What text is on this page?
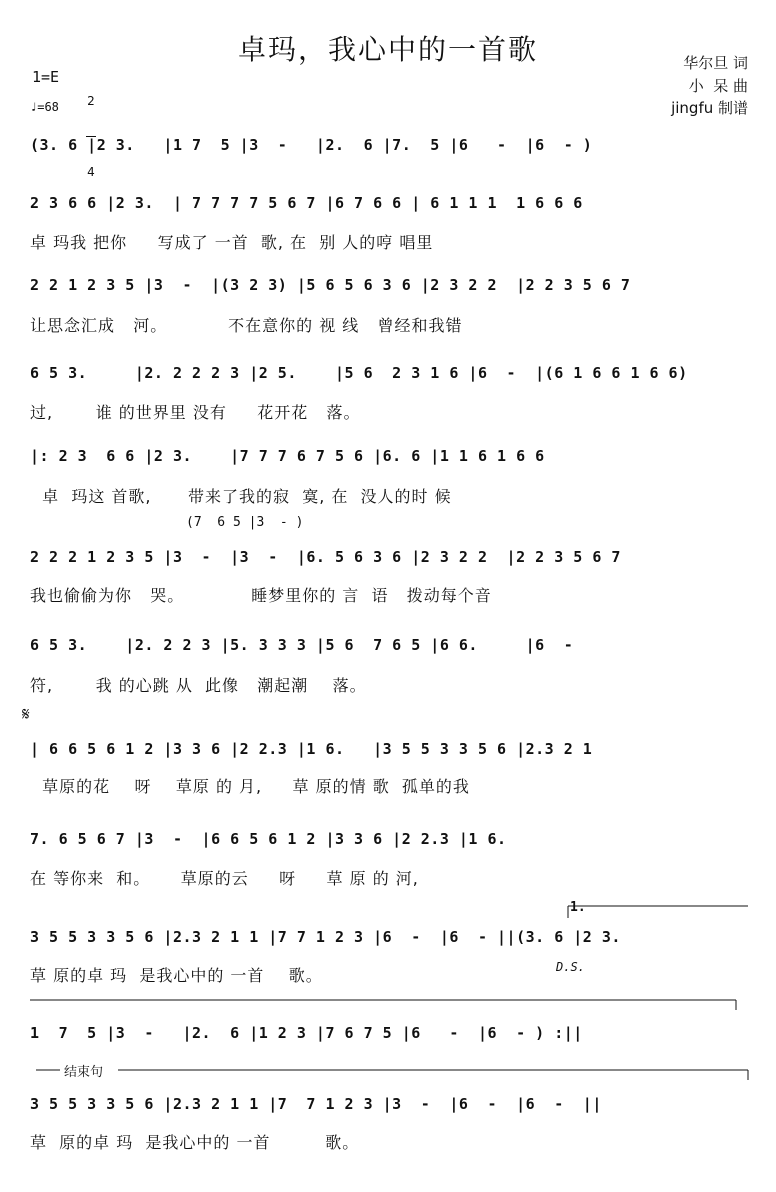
卓玛，我心中的一首歌	华尔旦 词
小  呆 曲
jingfu 制谱
1=E

2

4

♩=68
(3. 6 |2 3.   |1 7  5 |3  -   |2.  6 |7.  5 |6   -  |6  - )
2 3 6 6 |2 3.  | 7 7 7 7 5 6 7 |6 7 6 6 | 6 1 1 1  1 6 6 6
卓 玛我 把你     写成了 一首  歌, 在  别 人的哼 唱里
2 2 1 2 3 5 |3  -  |(3 2 3) |5 6 5 6 3 6 |2 3 2 2  |2 2 3 5 6 7
让思念汇成   河。          不在意你的 视 线   曾经和我错
6 5 3.     |2. 2 2 2 3 |2 5.    |5 6  2 3 1 6 |6  -  |(6 1 6 6 1 6 6)
过,       谁 的世界里 没有     花开花   落。
|: 2 3  6 6 |2 3.    |7 7 7 6 7 5 6 |6. 6 |1 1 6 1 6 6
卓  玛这 首歌,      带来了我的寂  寞, 在  没人的时 候
(7  6 5 |3  - )
2 2 2 1 2 3 5 |3  -  |3  -  |6. 5 6 3 6 |2 3 2 2  |2 2 3 5 6 7
我也偷偷为你   哭。           睡梦里你的 言  语   拨动每个音
6 5 3.    |2. 2 2 3 |5. 3 3 3 |5 6  7 6 5 |6 6.     |6  -
符,       我 的心跳 从  此像   潮起潮    落。
𝄋
| 6 6 5 6 1 2 |3 3 6 |2 2.3 |1 6.   |3 5 5 3 3 5 6 |2.3 2 1
草原的花    呀    草原 的 月,     草 原的情 歌  孤单的我
7. 6 5 6 7 |3  -  |6 6 5 6 1 2 |3 3 6 |2 2.3 |1 6.
在 等你来  和。     草原的云     呀     草 原 的 河,
1.
3 5 5 3 3 5 6 |2.3 2 1 1 |7 7 1 2 3 |6  -  |6  - ||(3. 6 |2 3.
草 原的卓 玛  是我心中的 一首    歌。	D.S.
1  7  5 |3  -   |2.  6 |1 2 3 |7 6 7 5 |6   -  |6  - ) :||
结束句
3 5 5 3 3 5 6 |2.3 2 1 1 |7  7 1 2 3 |3  -  |6  -  |6  -  ||
草  原的卓 玛  是我心中的 一首         歌。
